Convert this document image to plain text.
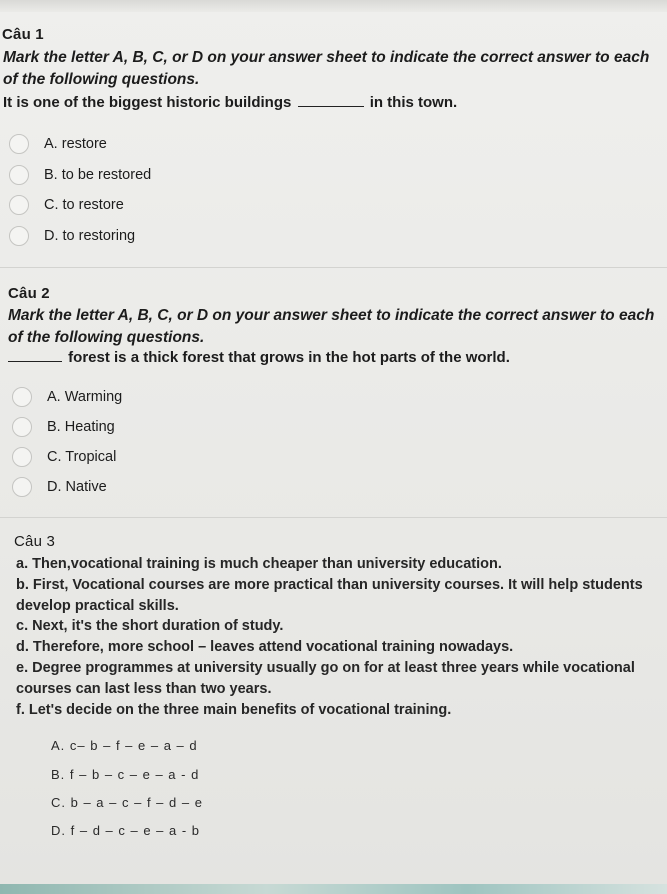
Câu 1
Mark the letter A, B, C, or D on your answer sheet to indicate the correct answer to each of the following questions.
It is one of the biggest historic buildings	in this town.
A. restore
B. to be restored
C. to restore
D. to restoring
Câu 2
Mark the letter A, B, C, or D on your answer sheet to indicate the correct answer to each of the following questions.
forest is a thick forest that grows in the hot parts of the world.
A. Warming
B. Heating
C. Tropical
D. Native
Câu 3

a. Then,vocational training is much cheaper than university education.

b. First, Vocational courses are more practical than university courses. It will help students develop practical skills.

c. Next, it's the short duration of study.

d. Therefore, more school – leaves attend vocational training nowadays.

e. Degree programmes at university usually go on for at least three years while vocational courses can last less than two years.

f. Let's decide on the three main benefits of vocational training.

A. c– b – f – e – a – d
B. f – b – c – e – a - d
C. b – a – c – f – d – e
D. f – d – c – e – a - b
